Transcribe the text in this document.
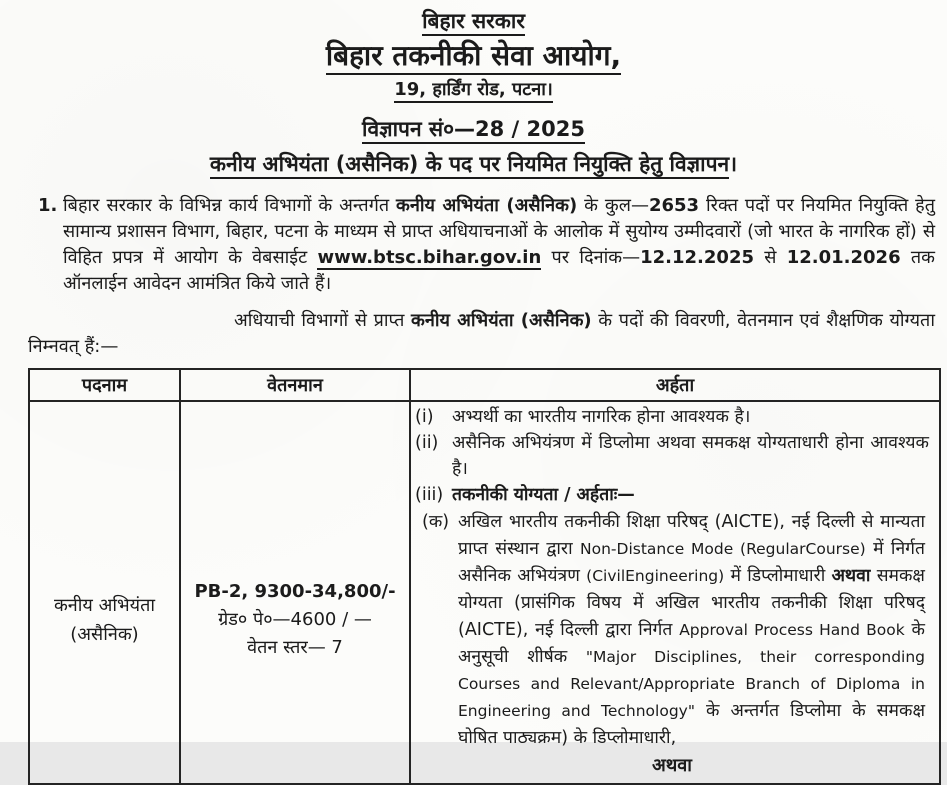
बिहार सरकार
बिहार तकनीकी सेवा आयोग,
19, हार्डिंग रोड, पटना।
विज्ञापन सं०—28 / 2025
कनीय अभियंता (असैनिक) के पद पर नियमित नियुक्ति हेतु विज्ञापन।
1. बिहार सरकार के विभिन्न कार्य विभागों के अन्तर्गत कनीय अभियंता (असैनिक) के कुल—2653 रिक्त पदों पर नियमित नियुक्ति हेतु सामान्य प्रशासन विभाग, बिहार, पटना के माध्यम से प्राप्त अधियाचनाओं के आलोक में सुयोग्य उम्मीदवारों (जो भारत के नागरिक हों) से विहित प्रपत्र में आयोग के वेबसाईट www.btsc.bihar.gov.in पर दिनांक—12.12.2025 से 12.01.2026 तक ऑनलाईन आवेदन आमंत्रित किये जाते हैं।
अधियाची विभागों से प्राप्त कनीय अभियंता (असैनिक) के पदों की विवरणी, वेतनमान एवं शैक्षणिक योग्यता निम्नवत् हैं:—
पदनाम	वेतनमान	अर्हता

कनीय अभियंता
(असैनिक)

PB-2, 9300-34,800/-
ग्रेड० पे०—4600 / —
वेतन स्तर— 7

(i)	अभ्यर्थी का भारतीय नागरिक होना आवश्यक है।
(ii) असैनिक अभियंत्रण में डिप्लोमा अथवा समकक्ष योग्यताधारी होना आवश्यक है।
(iii) तकनीकी योग्यता / अर्हताः—
(क) अखिल भारतीय तकनीकी शिक्षा परिषद् (AICTE), नई दिल्ली से मान्यता प्राप्त संस्थान द्वारा Non-Distance Mode (RegularCourse) में निर्गत असैनिक अभियंत्रण (CivilEngineering) में डिप्लोमाधारी अथवा समकक्ष योग्यता (प्रासंगिक विषय में अखिल भारतीय तकनीकी शिक्षा परिषद् (AICTE), नई दिल्ली द्वारा निर्गत Approval Process Hand Book के अनुसूची शीर्षक "Major Disciplines, their corresponding Courses and Relevant/Appropriate Branch of Diploma in Engineering and Technology" के अन्तर्गत डिप्लोमा के समकक्ष घोषित पाठ्यक्रम) के डिप्लोमाधारी,
अथवा
